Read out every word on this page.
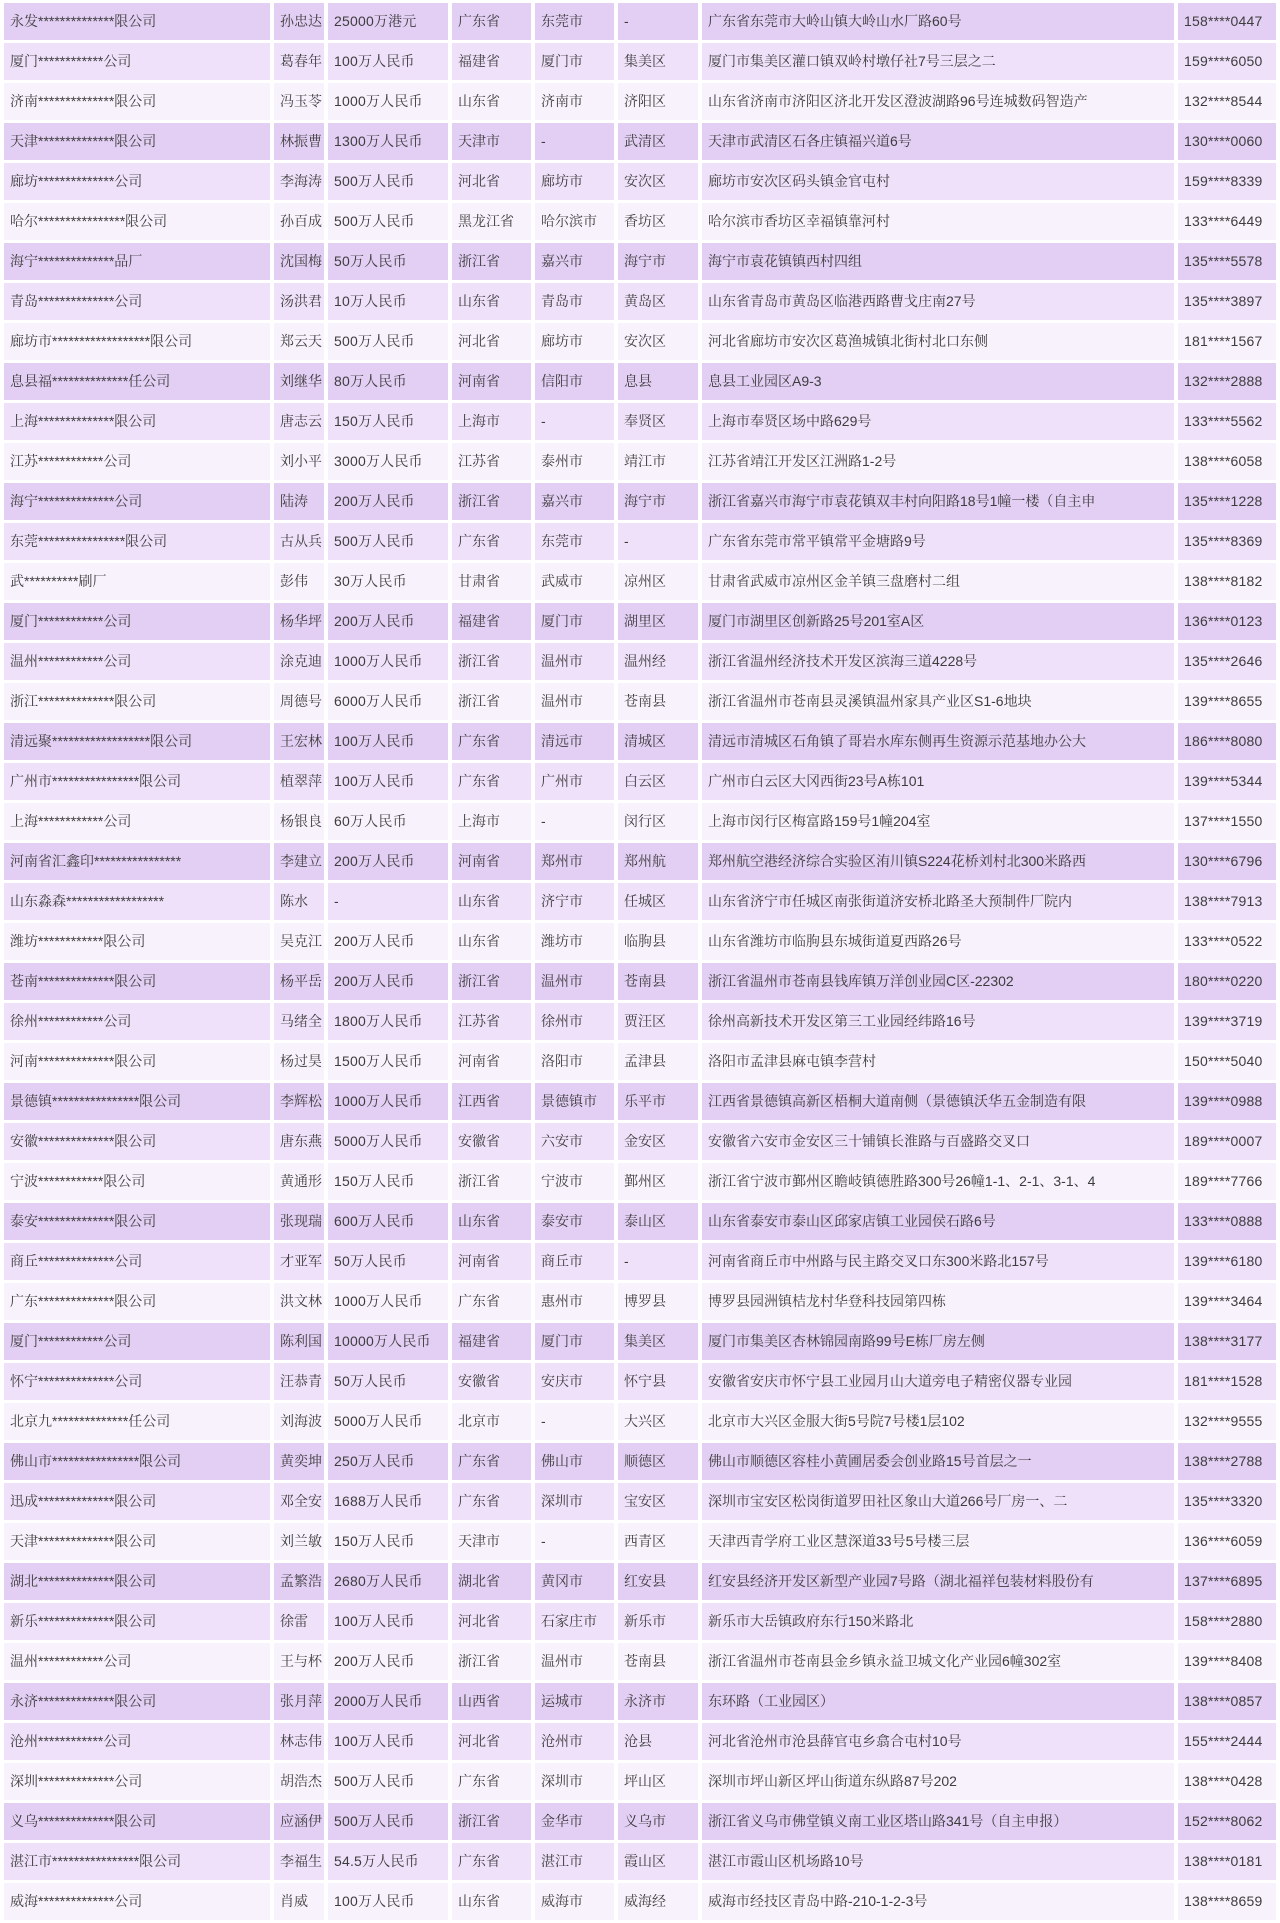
永发**************限公司	孙忠达	25000万港元	广东省	东莞市	-	广东省东莞市大岭山镇大岭山水厂路60号	158****0447
厦门************公司	葛春年	100万人民币	福建省	厦门市	集美区	厦门市集美区灌口镇双岭村墩仔社7号三层之二	159****6050
济南**************限公司	冯玉苓	1000万人民币	山东省	济南市	济阳区	山东省济南市济阳区济北开发区澄波湖路96号连城数码智造产	132****8544
天津**************限公司	林振曹	1300万人民币	天津市	-	武清区	天津市武清区石各庄镇福兴道6号	130****0060
廊坊**************公司	李海涛	500万人民币	河北省	廊坊市	安次区	廊坊市安次区码头镇金官屯村	159****8339
哈尔****************限公司	孙百成	500万人民币	黑龙江省	哈尔滨市	香坊区	哈尔滨市香坊区幸福镇靠河村	133****6449
海宁**************品厂	沈国梅	50万人民币	浙江省	嘉兴市	海宁市	海宁市袁花镇镇西村四组	135****5578
青岛**************公司	汤洪君	10万人民币	山东省	青岛市	黄岛区	山东省青岛市黄岛区临港西路曹戈庄南27号	135****3897
廊坊市******************限公司	郑云天	500万人民币	河北省	廊坊市	安次区	河北省廊坊市安次区葛渔城镇北街村北口东侧	181****1567
息县福**************任公司	刘继华	80万人民币	河南省	信阳市	息县	息县工业园区A9-3	132****2888
上海**************限公司	唐志云	150万人民币	上海市	-	奉贤区	上海市奉贤区场中路629号	133****5562
江苏************公司	刘小平	3000万人民币	江苏省	泰州市	靖江市	江苏省靖江开发区江洲路1-2号	138****6058
海宁**************公司	陆涛	200万人民币	浙江省	嘉兴市	海宁市	浙江省嘉兴市海宁市袁花镇双丰村向阳路18号1幢一楼（自主申	135****1228
东莞****************限公司	古从兵	500万人民币	广东省	东莞市	-	广东省东莞市常平镇常平金塘路9号	135****8369
武**********刷厂	彭伟	30万人民币	甘肃省	武威市	凉州区	甘肃省武威市凉州区金羊镇三盘磨村二组	138****8182
厦门************公司	杨华坪	200万人民币	福建省	厦门市	湖里区	厦门市湖里区创新路25号201室A区	136****0123
温州************公司	涂克迪	1000万人民币	浙江省	温州市	温州经	浙江省温州经济技术开发区滨海三道4228号	135****2646
浙江**************限公司	周德号	6000万人民币	浙江省	温州市	苍南县	浙江省温州市苍南县灵溪镇温州家具产业区S1-6地块	139****8655
清远聚******************限公司	王宏林	100万人民币	广东省	清远市	清城区	清远市清城区石角镇了哥岩水库东侧再生资源示范基地办公大	186****8080
广州市****************限公司	植翠萍	100万人民币	广东省	广州市	白云区	广州市白云区大冈西街23号A栋101	139****5344
上海************公司	杨银良	60万人民币	上海市	-	闵行区	上海市闵行区梅富路159号1幢204室	137****1550
河南省汇鑫印****************	李建立	200万人民币	河南省	郑州市	郑州航	郑州航空港经济综合实验区洧川镇S224花桥刘村北300米路西	130****6796
山东淼森******************	陈水	-	山东省	济宁市	任城区	山东省济宁市任城区南张街道济安桥北路圣大预制件厂院内	138****7913
潍坊************限公司	吴克江	200万人民币	山东省	潍坊市	临朐县	山东省潍坊市临朐县东城街道夏西路26号	133****0522
苍南**************限公司	杨平岳	200万人民币	浙江省	温州市	苍南县	浙江省温州市苍南县钱库镇万洋创业园C区-22302	180****0220
徐州************公司	马绪全	1800万人民币	江苏省	徐州市	贾汪区	徐州高新技术开发区第三工业园经纬路16号	139****3719
河南**************限公司	杨过昊	1500万人民币	河南省	洛阳市	孟津县	洛阳市孟津县麻屯镇李营村	150****5040
景德镇****************限公司	李辉松	1000万人民币	江西省	景德镇市	乐平市	江西省景德镇高新区梧桐大道南侧（景德镇沃华五金制造有限	139****0988
安徽**************限公司	唐东燕	5000万人民币	安徽省	六安市	金安区	安徽省六安市金安区三十铺镇长淮路与百盛路交叉口	189****0007
宁波************限公司	黄通形	150万人民币	浙江省	宁波市	鄞州区	浙江省宁波市鄞州区瞻岐镇德胜路300号26幢1-1、2-1、3-1、4	189****7766
泰安**************限公司	张现瑞	600万人民币	山东省	泰安市	泰山区	山东省泰安市泰山区邱家店镇工业园侯石路6号	133****0888
商丘**************公司	才亚军	50万人民币	河南省	商丘市	-	河南省商丘市中州路与民主路交叉口东300米路北157号	139****6180
广东**************限公司	洪文林	1000万人民币	广东省	惠州市	博罗县	博罗县园洲镇桔龙村华登科技园第四栋	139****3464
厦门************公司	陈利国	10000万人民币	福建省	厦门市	集美区	厦门市集美区杏林锦园南路99号E栋厂房左侧	138****3177
怀宁**************公司	汪恭青	50万人民币	安徽省	安庆市	怀宁县	安徽省安庆市怀宁县工业园月山大道旁电子精密仪器专业园	181****1528
北京九**************任公司	刘海波	5000万人民币	北京市	-	大兴区	北京市大兴区金服大街5号院7号楼1层102	132****9555
佛山市****************限公司	黄奕坤	250万人民币	广东省	佛山市	顺德区	佛山市顺德区容桂小黄圃居委会创业路15号首层之一	138****2788
迅成**************限公司	邓全安	1688万人民币	广东省	深圳市	宝安区	深圳市宝安区松岗街道罗田社区象山大道266号厂房一、二	135****3320
天津**************限公司	刘兰敏	150万人民币	天津市	-	西青区	天津西青学府工业区慧深道33号5号楼三层	136****6059
湖北**************限公司	孟繁浩	2680万人民币	湖北省	黄冈市	红安县	红安县经济开发区新型产业园7号路（湖北福祥包装材料股份有	137****6895
新乐**************限公司	徐雷	100万人民币	河北省	石家庄市	新乐市	新乐市大岳镇政府东行150米路北	158****2880
温州************公司	王与杯	200万人民币	浙江省	温州市	苍南县	浙江省温州市苍南县金乡镇永益卫城文化产业园6幢302室	139****8408
永济**************限公司	张月萍	2000万人民币	山西省	运城市	永济市	东环路（工业园区）	138****0857
沧州************公司	林志伟	100万人民币	河北省	沧州市	沧县	河北省沧州市沧县薛官屯乡翕合屯村10号	155****2444
深圳**************公司	胡浩杰	500万人民币	广东省	深圳市	坪山区	深圳市坪山新区坪山街道东纵路87号202	138****0428
义乌**************限公司	应涵伊	500万人民币	浙江省	金华市	义乌市	浙江省义乌市佛堂镇义南工业区塔山路341号（自主申报）	152****8062
湛江市****************限公司	李福生	54.5万人民币	广东省	湛江市	霞山区	湛江市霞山区机场路10号	138****0181
威海**************公司	肖威	100万人民币	山东省	威海市	威海经	威海市经技区青岛中路-210-1-2-3号	138****8659
